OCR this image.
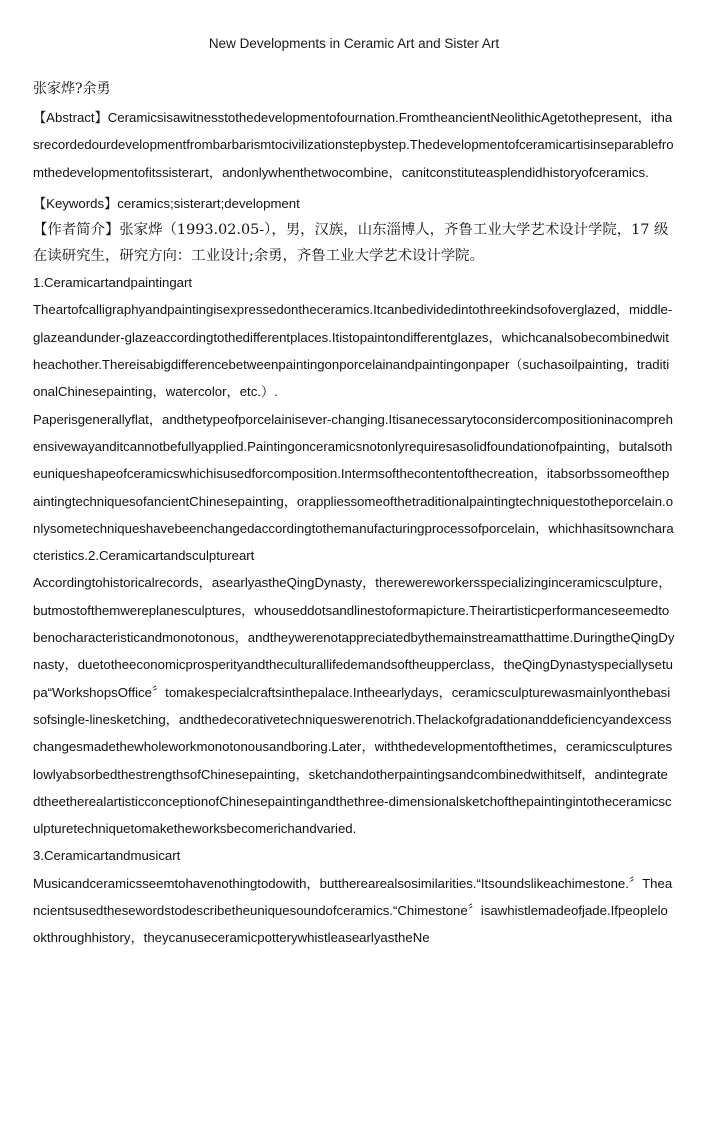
New Developments in Ceramic Art and Sister Art
张家烨?余勇

【Abstract】Ceramicsisawitnesstothedevelopmentofournation.FromtheancientNeolithicAgetothepresent，ithasrecordedourdevelopmentfrombarbarismtocivilizationstepbystep.Thedevelopmentofceramicartisinseparablefromthedevelopmentofitssisterart，andonlywhenthetwocombine，canitconstituteasplendidhistoryofceramics.

【Keywords】ceramics;sisterart;development

【作者简介】张家烨（1993.02.05-），男，汉族，山东淄博人，齐鲁工业大学艺术设计学院，17 级在读研究生，研究方向：工业设计;余勇，齐鲁工业大学艺术设计学院。

1.Ceramicartandpaintingart

Theartofcalligraphyandpaintingisexpressedontheceramics.Itcanbedividedintothreekindsofoverglazed，middle-glazeandunder-glazeaccordingtothedifferentplaces.Itistopaintondifferentglazes，whichcanalsobecombinedwitheachother.Thereisabigdifferencebetweenpaintingonporcelainandpaintingonpaper（suchasoilpainting，traditionalChinesepainting，watercolor，etc.）.

Paperisgenerallyflat，andthetypeofporcelainisever-changing.Itisanecessarytoconsidercompositioninacomprehensivewayanditcannotbefullyapplied.Paintingonceramicsnotonlyrequiresasolidfoundationofpainting，butalsotheuniqueshapeofceramicswhichisusedforcomposition.Intermsofthecontentofthecreation，itabsorbssomeofthepaintingtechniquesofancientChinesepainting，orappliessomeofthetraditionalpaintingtechniquestotheporcelain.onlysometechniqueshavebeenchangedaccordingtothemanufacturingprocessofporcelain，whichhasitsowncharacteristics.2.Ceramicartandsculptureart

Accordingtohistoricalrecords，asearlyastheQingDynasty，therewereworkersspecializinginceramicsculpture，butmostofthemwereplanesculptures，whouseddotsandlinestoformapicture.Theirartisticperformanceseemedtobenocharacteristicandmonotonous，andtheywerenotappreciatedbythemainstreamatthattime.DuringtheQingDynasty，duetotheeconomicprosperityandtheculturallifedemandsoftheupperclass，theQingDynastyspeciallysetupa“WorkshopsOffice〞tomakespecialcraftsinthepalace.Intheearlydays，ceramicsculpturewasmainlyonthebasisofsingle-linesketching，andthedecorativetechniqueswerenotrich.Thelackofgradationanddeficiencyandexcesschangesmadethewholeworkmonotonousandboring.Later，withthedevelopmentofthetimes，ceramicsculptureslowlyabsorbedthestrengthsofChinesepainting，sketchandotherpaintingsandcombinedwithitself，andintegratedtheetherealartisticconceptionofChinesepaintingandthethree-dimensionalsketchofthepaintingintotheceramicsculpturetechniquetomaketheworksbecomerichandvaried.

3.Ceramicartandmusicart

Musicandceramicsseemtohavenothingtodowith，buttherearealsosimilarities.“Itsoundslikeachimestone.〞Theancientsusedthesewordstodescribetheuniquesoundofceramics.“Chimestone〞isawhistlemadeofjade.Ifpeoplelookthroughhistory，theycanuseceramicpotterywhistleasearlyastheNe
